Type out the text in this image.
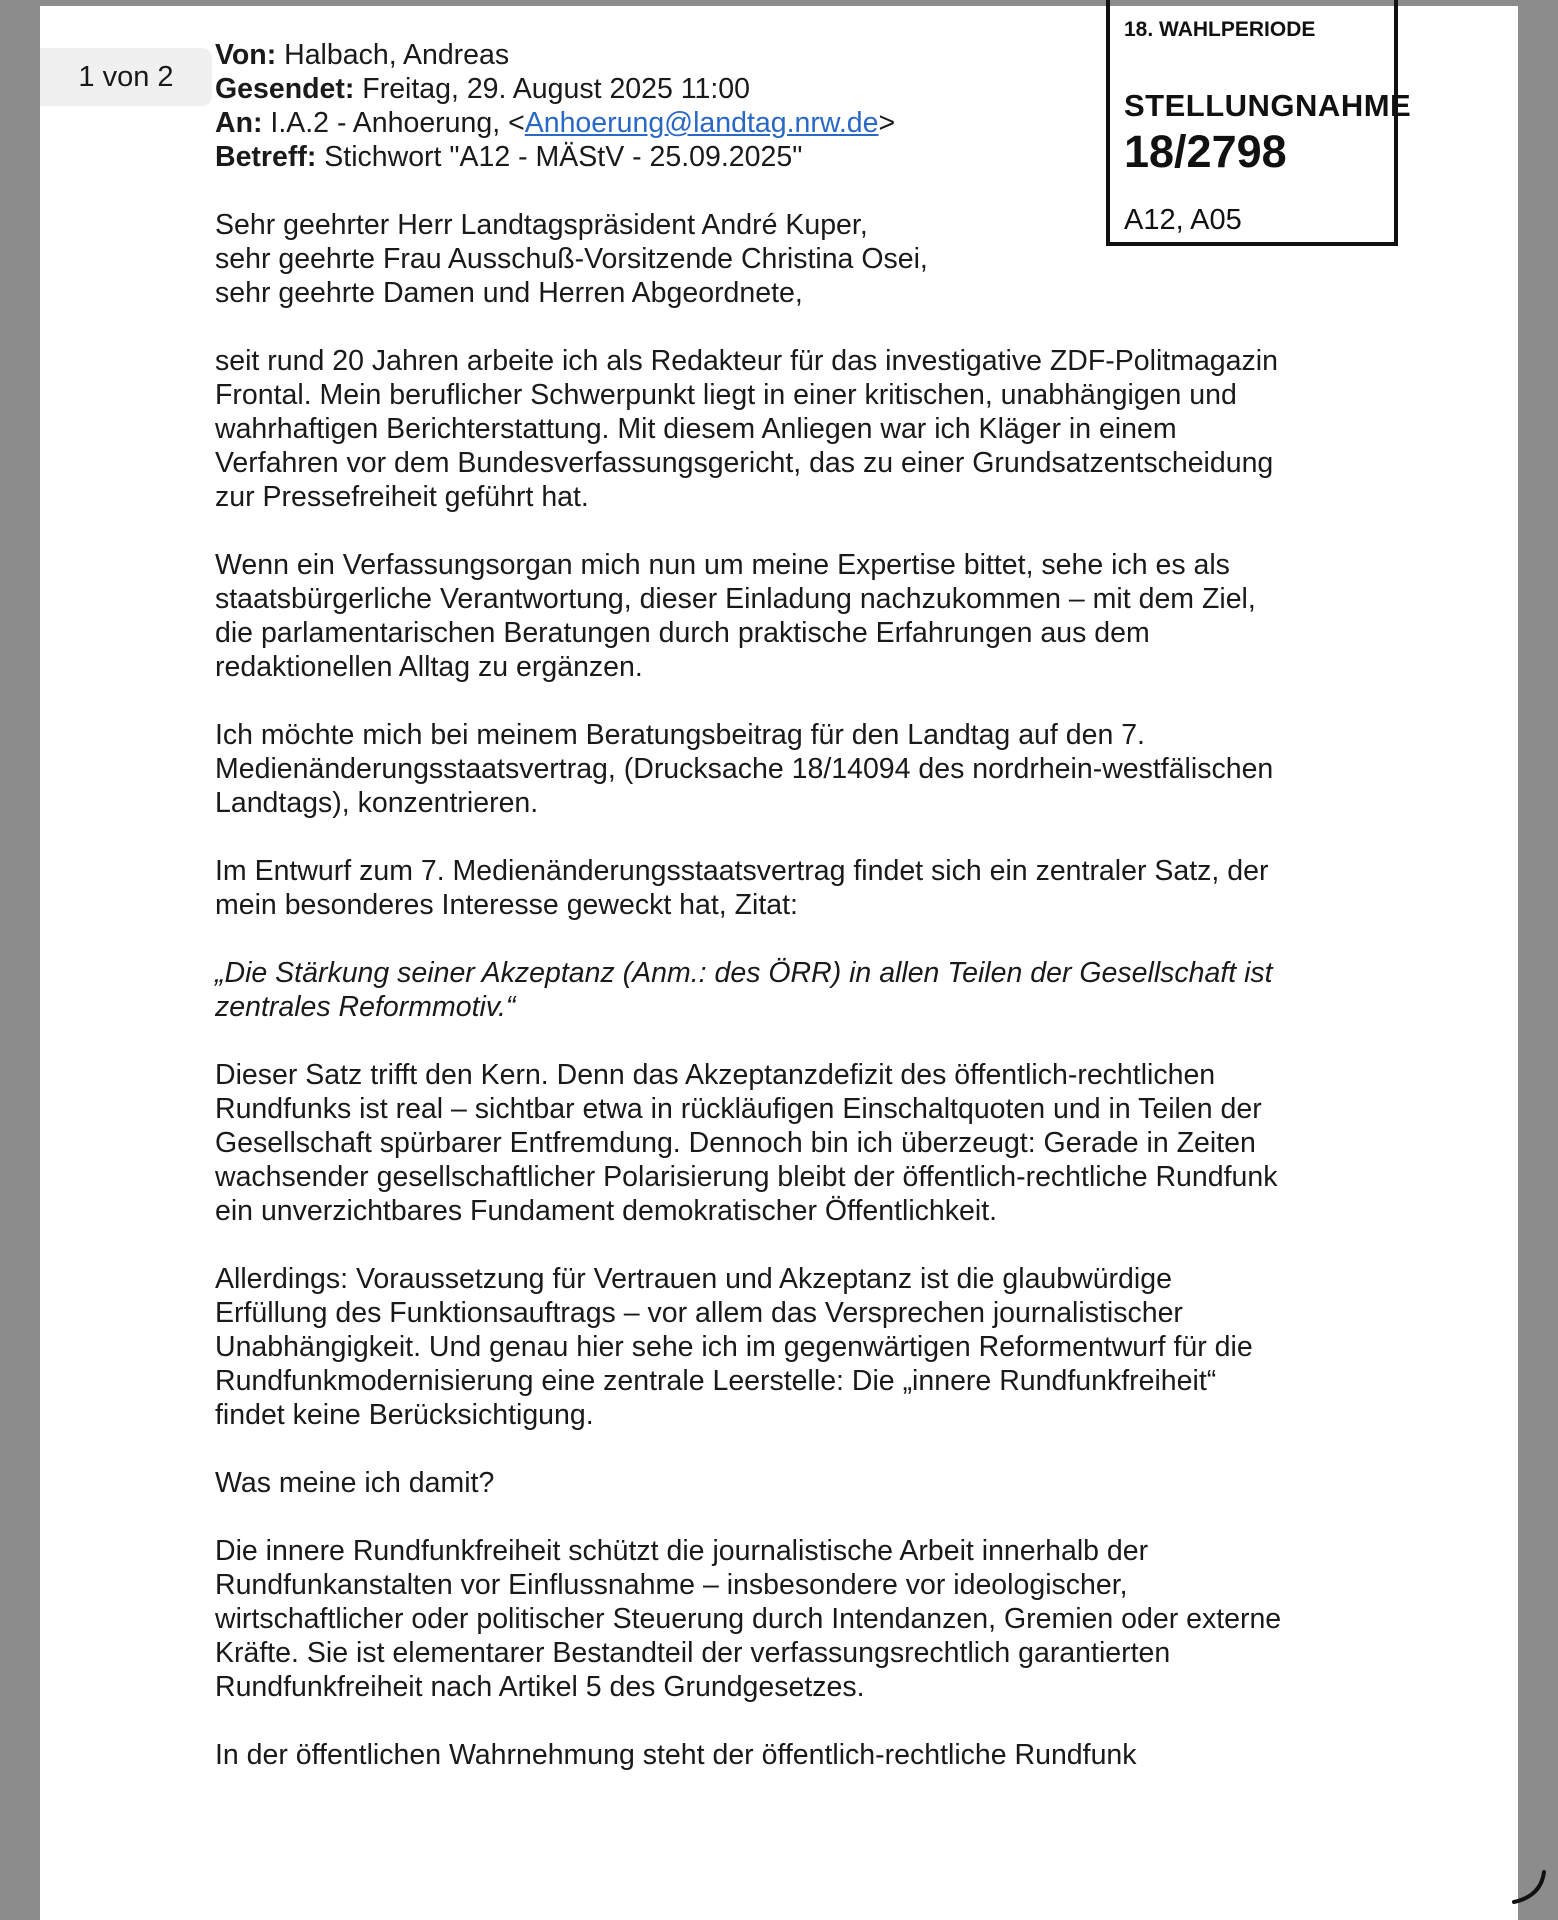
1 von 2
18. WAHLPERIODE
STELLUNGNAHME
18/2798
A12, A05

Von: Halbach, Andreas

Gesendet: Freitag, 29. August 2025 11:00

An: I.A.2 - Anhoerung, <Anhoerung@landtag.nrw.de>

Betreff: Stichwort "A12 - MÄStV - 25.09.2025"

Sehr geehrter Herr Landtagspräsident André Kuper,
sehr geehrte Frau Ausschuß-Vorsitzende Christina Osei,
sehr geehrte Damen und Herren Abgeordnete,

seit rund 20 Jahren arbeite ich als Redakteur für das investigative ZDF-Politmagazin
Frontal. Mein beruflicher Schwerpunkt liegt in einer kritischen, unabhängigen und
wahrhaftigen Berichterstattung. Mit diesem Anliegen war ich Kläger in einem
Verfahren vor dem Bundesverfassungsgericht, das zu einer Grundsatzentscheidung
zur Pressefreiheit geführt hat.

Wenn ein Verfassungsorgan mich nun um meine Expertise bittet, sehe ich es als
staatsbürgerliche Verantwortung, dieser Einladung nachzukommen – mit dem Ziel,
die parlamentarischen Beratungen durch praktische Erfahrungen aus dem
redaktionellen Alltag zu ergänzen.

Ich möchte mich bei meinem Beratungsbeitrag für den Landtag auf den 7.
Medienänderungsstaatsvertrag, (Drucksache 18/14094 des nordrhein-westfälischen
Landtags), konzentrieren.

Im Entwurf zum 7. Medienänderungsstaatsvertrag findet sich ein zentraler Satz, der
mein besonderes Interesse geweckt hat, Zitat:

„Die Stärkung seiner Akzeptanz (Anm.: des ÖRR) in allen Teilen der Gesellschaft ist
zentrales Reformmotiv.“

Dieser Satz trifft den Kern. Denn das Akzeptanzdefizit des öffentlich-rechtlichen
Rundfunks ist real – sichtbar etwa in rückläufigen Einschaltquoten und in Teilen der
Gesellschaft spürbarer Entfremdung. Dennoch bin ich überzeugt: Gerade in Zeiten
wachsender gesellschaftlicher Polarisierung bleibt der öffentlich-rechtliche Rundfunk
ein unverzichtbares Fundament demokratischer Öffentlichkeit.

Allerdings: Voraussetzung für Vertrauen und Akzeptanz ist die glaubwürdige
Erfüllung des Funktionsauftrags – vor allem das Versprechen journalistischer
Unabhängigkeit. Und genau hier sehe ich im gegenwärtigen Reformentwurf für die
Rundfunkmodernisierung eine zentrale Leerstelle: Die „innere Rundfunkfreiheit“
findet keine Berücksichtigung.

Was meine ich damit?

Die innere Rundfunkfreiheit schützt die journalistische Arbeit innerhalb der
Rundfunkanstalten vor Einflussnahme – insbesondere vor ideologischer,
wirtschaftlicher oder politischer Steuerung durch Intendanzen, Gremien oder externe
Kräfte. Sie ist elementarer Bestandteil der verfassungsrechtlich garantierten
Rundfunkfreiheit nach Artikel 5 des Grundgesetzes.

In der öffentlichen Wahrnehmung steht der öffentlich-rechtliche Rundfunk
